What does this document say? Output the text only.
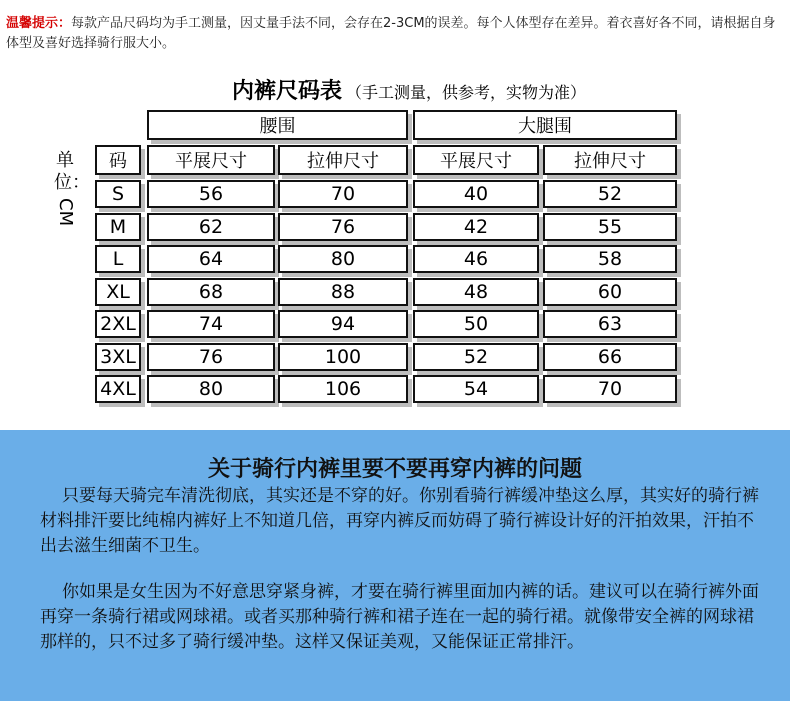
温馨提示：每款产品尺码均为手工测量，因丈量手法不同，会存在2-3CM的误差。每个人体型存在差异。着衣喜好各不同，请根据自身体型及喜好选择骑行服大小。
内裤尺码表 （手工测量，供参考，实物为准）
单位：
CM
腰围	大腿围
码	平展尺寸	拉伸尺寸	平展尺寸	拉伸尺寸
S	56	70	40	52
M	62	76	42	55
L	64	80	46	58
XL	68	88	48	60
2XL	74	94	50	63
3XL	76	100	52	66
4XL	80	106	54	70
关于骑行内裤里要不要再穿内裤的问题
只要每天骑完车清洗彻底，其实还是不穿的好。你别看骑行裤缓冲垫这么厚，其实好的骑行裤材料排汗要比纯棉内裤好上不知道几倍，再穿内裤反而妨碍了骑行裤设计好的汗拍效果，汗拍不出去滋生细菌不卫生。
你如果是女生因为不好意思穿紧身裤，才要在骑行裤里面加内裤的话。建议可以在骑行裤外面再穿一条骑行裙或网球裙。或者买那种骑行裤和裙子连在一起的骑行裙。就像带安全裤的网球裙那样的，只不过多了骑行缓冲垫。这样又保证美观，又能保证正常排汗。
